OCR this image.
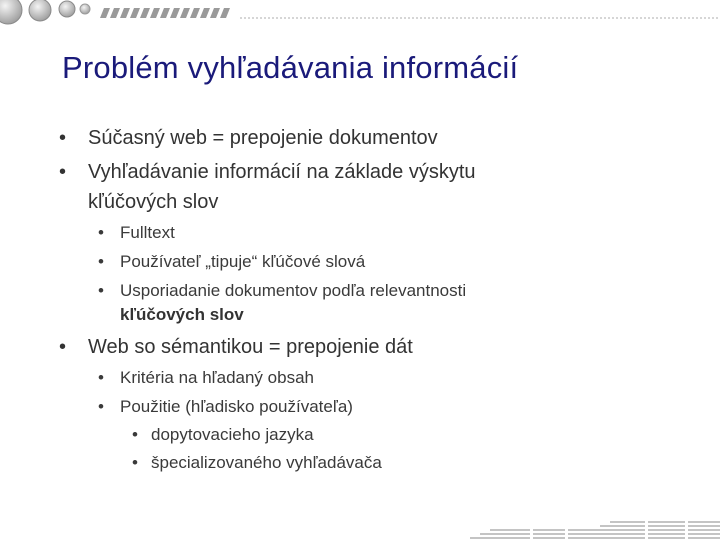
Problém vyhľadávania informácií
• Súčasný web = prepojenie dokumentov
• Vyhľadávanie informácií na základe výskytu
kľúčových slov
• Fulltext
• Používateľ „tipuje“ kľúčové slová
• Usporiadanie dokumentov podľa relevantnosti
kľúčových slov
• Web so sémantikou = prepojenie dát
• Kritéria na hľadaný obsah
• Použitie (hľadisko používateľa)
• dopytovacieho jazyka
• špecializovaného vyhľadávača
